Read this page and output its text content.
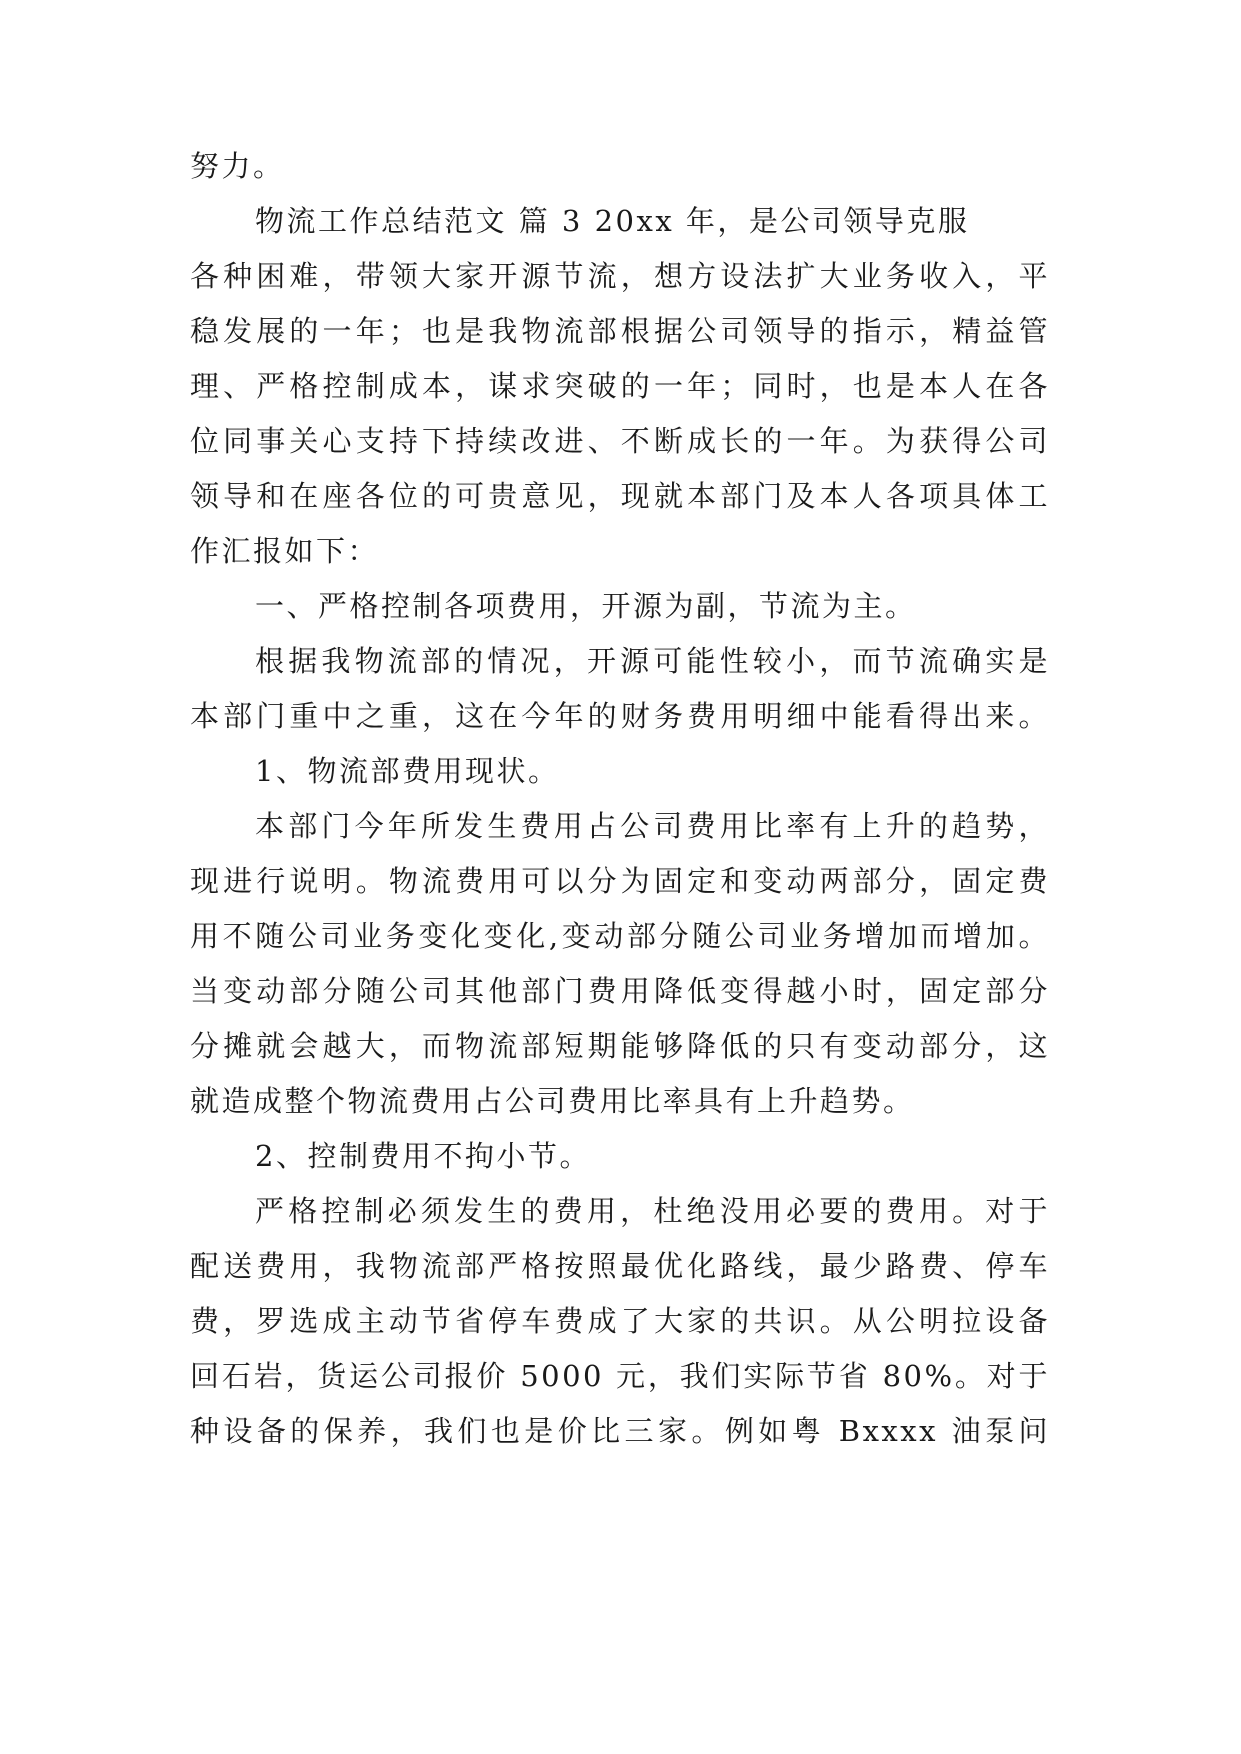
努力。
物流工作总结范文 篇 3 20xx 年，是公司领导克服
各种困难，带领大家开源节流，想方设法扩大业务收入，平
稳发展的一年；也是我物流部根据公司领导的指示，精益管
理、严格控制成本，谋求突破的一年；同时，也是本人在各
位同事关心支持下持续改进、不断成长的一年。为获得公司
领导和在座各位的可贵意见，现就本部门及本人各项具体工
作汇报如下：
一、严格控制各项费用，开源为副，节流为主。
根据我物流部的情况，开源可能性较小，而节流确实是
本部门重中之重，这在今年的财务费用明细中能看得出来。
1、物流部费用现状。
本部门今年所发生费用占公司费用比率有上升的趋势，
现进行说明。物流费用可以分为固定和变动两部分，固定费
用不随公司业务变化变化,变动部分随公司业务增加而增加。
当变动部分随公司其他部门费用降低变得越小时，固定部分
分摊就会越大，而物流部短期能够降低的只有变动部分，这
就造成整个物流费用占公司费用比率具有上升趋势。
2、控制费用不拘小节。
严格控制必须发生的费用，杜绝没用必要的费用。对于
配送费用，我物流部严格按照最优化路线，最少路费、停车
费，罗选成主动节省停车费成了大家的共识。从公明拉设备
回石岩，货运公司报价 5000 元，我们实际节省 80%。对于
种设备的保养，我们也是价比三家。例如粤 Bxxxx 油泵问
